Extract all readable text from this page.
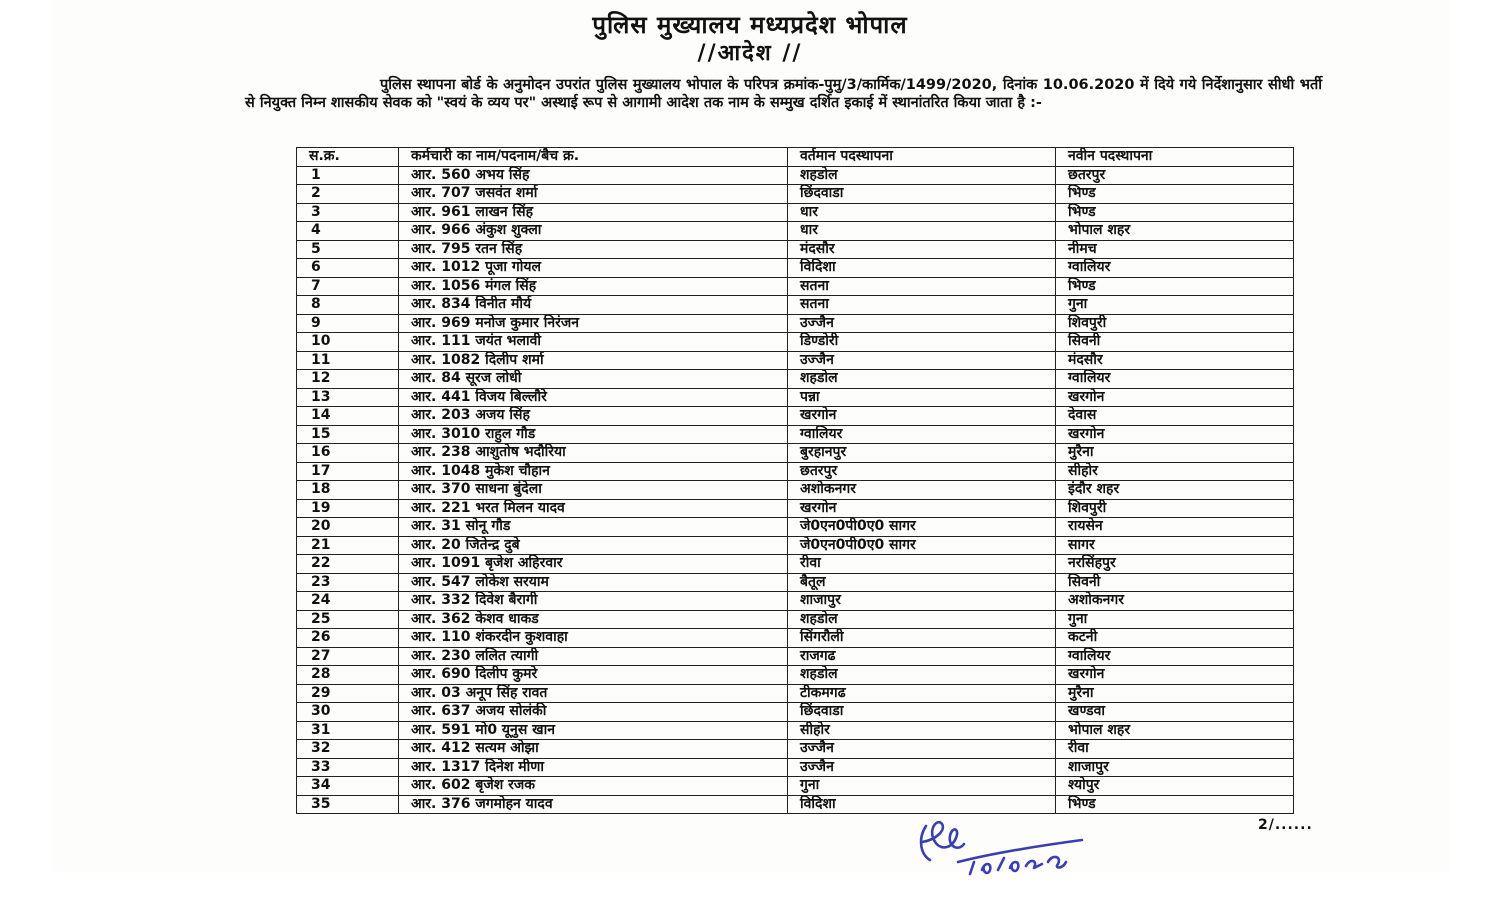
पुलिस मुख्यालय मध्यप्रदेश भोपाल
//आदेश //
पुलिस स्थापना बोर्ड के अनुमोदन उपरांत पुलिस मुख्यालय भोपाल के परिपत्र क्रमांक-पुमु/3/कार्मिक/1499/2020, दिनांक 10.06.2020 में दिये गये निर्देशानुसार सीधी भर्ती से नियुक्त निम्न शासकीय सेवक को "स्वयं के व्यय पर" अस्थाई रूप से आगामी आदेश तक नाम के सम्मुख दर्शित इकाई में स्थानांतरित किया जाता है :-
स.क्र.	कर्मचारी का नाम/पदनाम/बैच क्र.	वर्तमान पदस्थापना	नवीन पदस्थापना
1	आर. 560 अभय सिंह	शहडोल	छतरपुर
2	आर. 707 जसवंत शर्मा	छिंदवाडा	भिण्ड
3	आर. 961 लाखन सिंह	धार	भिण्ड
4	आर. 966 अंकुश शुक्ला	धार	भोपाल शहर
5	आर. 795 रतन सिंह	मंदसौर	नीमच
6	आर. 1012 पूजा गोयल	विदिशा	ग्वालियर
7	आर. 1056 मंगल सिंह	सतना	भिण्ड
8	आर. 834 विनीत मौर्य	सतना	गुना
9	आर. 969 मनोज कुमार निरंजन	उज्जैन	शिवपुरी
10	आर. 111 जयंत भलावी	डिण्डोरी	सिवनी
11	आर. 1082 दिलीप शर्मा	उज्जैन	मंदसौर
12	आर. 84 सूरज लोधी	शहडोल	ग्वालियर
13	आर. 441 विजय बिल्लौरे	पन्ना	खरगोन
14	आर. 203 अजय सिंह	खरगोन	देवास
15	आर. 3010 राहुल गौड	ग्वालियर	खरगोन
16	आर. 238 आशुतोष भदौरिया	बुरहानपुर	मुरैना
17	आर. 1048 मुकेश चौहान	छतरपुर	सीहोर
18	आर. 370 साधना बुंदेला	अशोकनगर	इंदौर शहर
19	आर. 221 भरत मिलन यादव	खरगोन	शिवपुरी
20	आर. 31 सोनू गौड	जे0एन0पी0ए0 सागर	रायसेन
21	आर. 20 जितेन्द्र दुबे	जे0एन0पी0ए0 सागर	सागर
22	आर. 1091 बृजेश अहिरवार	रीवा	नरसिंहपुर
23	आर. 547 लोकेश सरयाम	बैतूल	सिवनी
24	आर. 332 दिवेश बैरागी	शाजापुर	अशोकनगर
25	आर. 362 केशव धाकड	शहडोल	गुना
26	आर. 110 शंकरदीन कुशवाहा	सिंगरौली	कटनी
27	आर. 230 ललित त्यागी	राजगढ	ग्वालियर
28	आर. 690 दिलीप कुमरे	शहडोल	खरगोन
29	आर. 03 अनूप सिंह रावत	टीकमगढ	मुरैना
30	आर. 637 अजय सोलंकी	छिंदवाडा	खण्डवा
31	आर. 591 मो0 यूनुस खान	सीहोर	भोपाल शहर
32	आर. 412 सत्यम ओझा	उज्जैन	रीवा
33	आर. 1317 दिनेश मीणा	उज्जैन	शाजापुर
34	आर. 602 बृजेश रजक	गुना	श्योपुर
35	आर. 376 जगमोहन यादव	विदिशा	भिण्ड
2/......
